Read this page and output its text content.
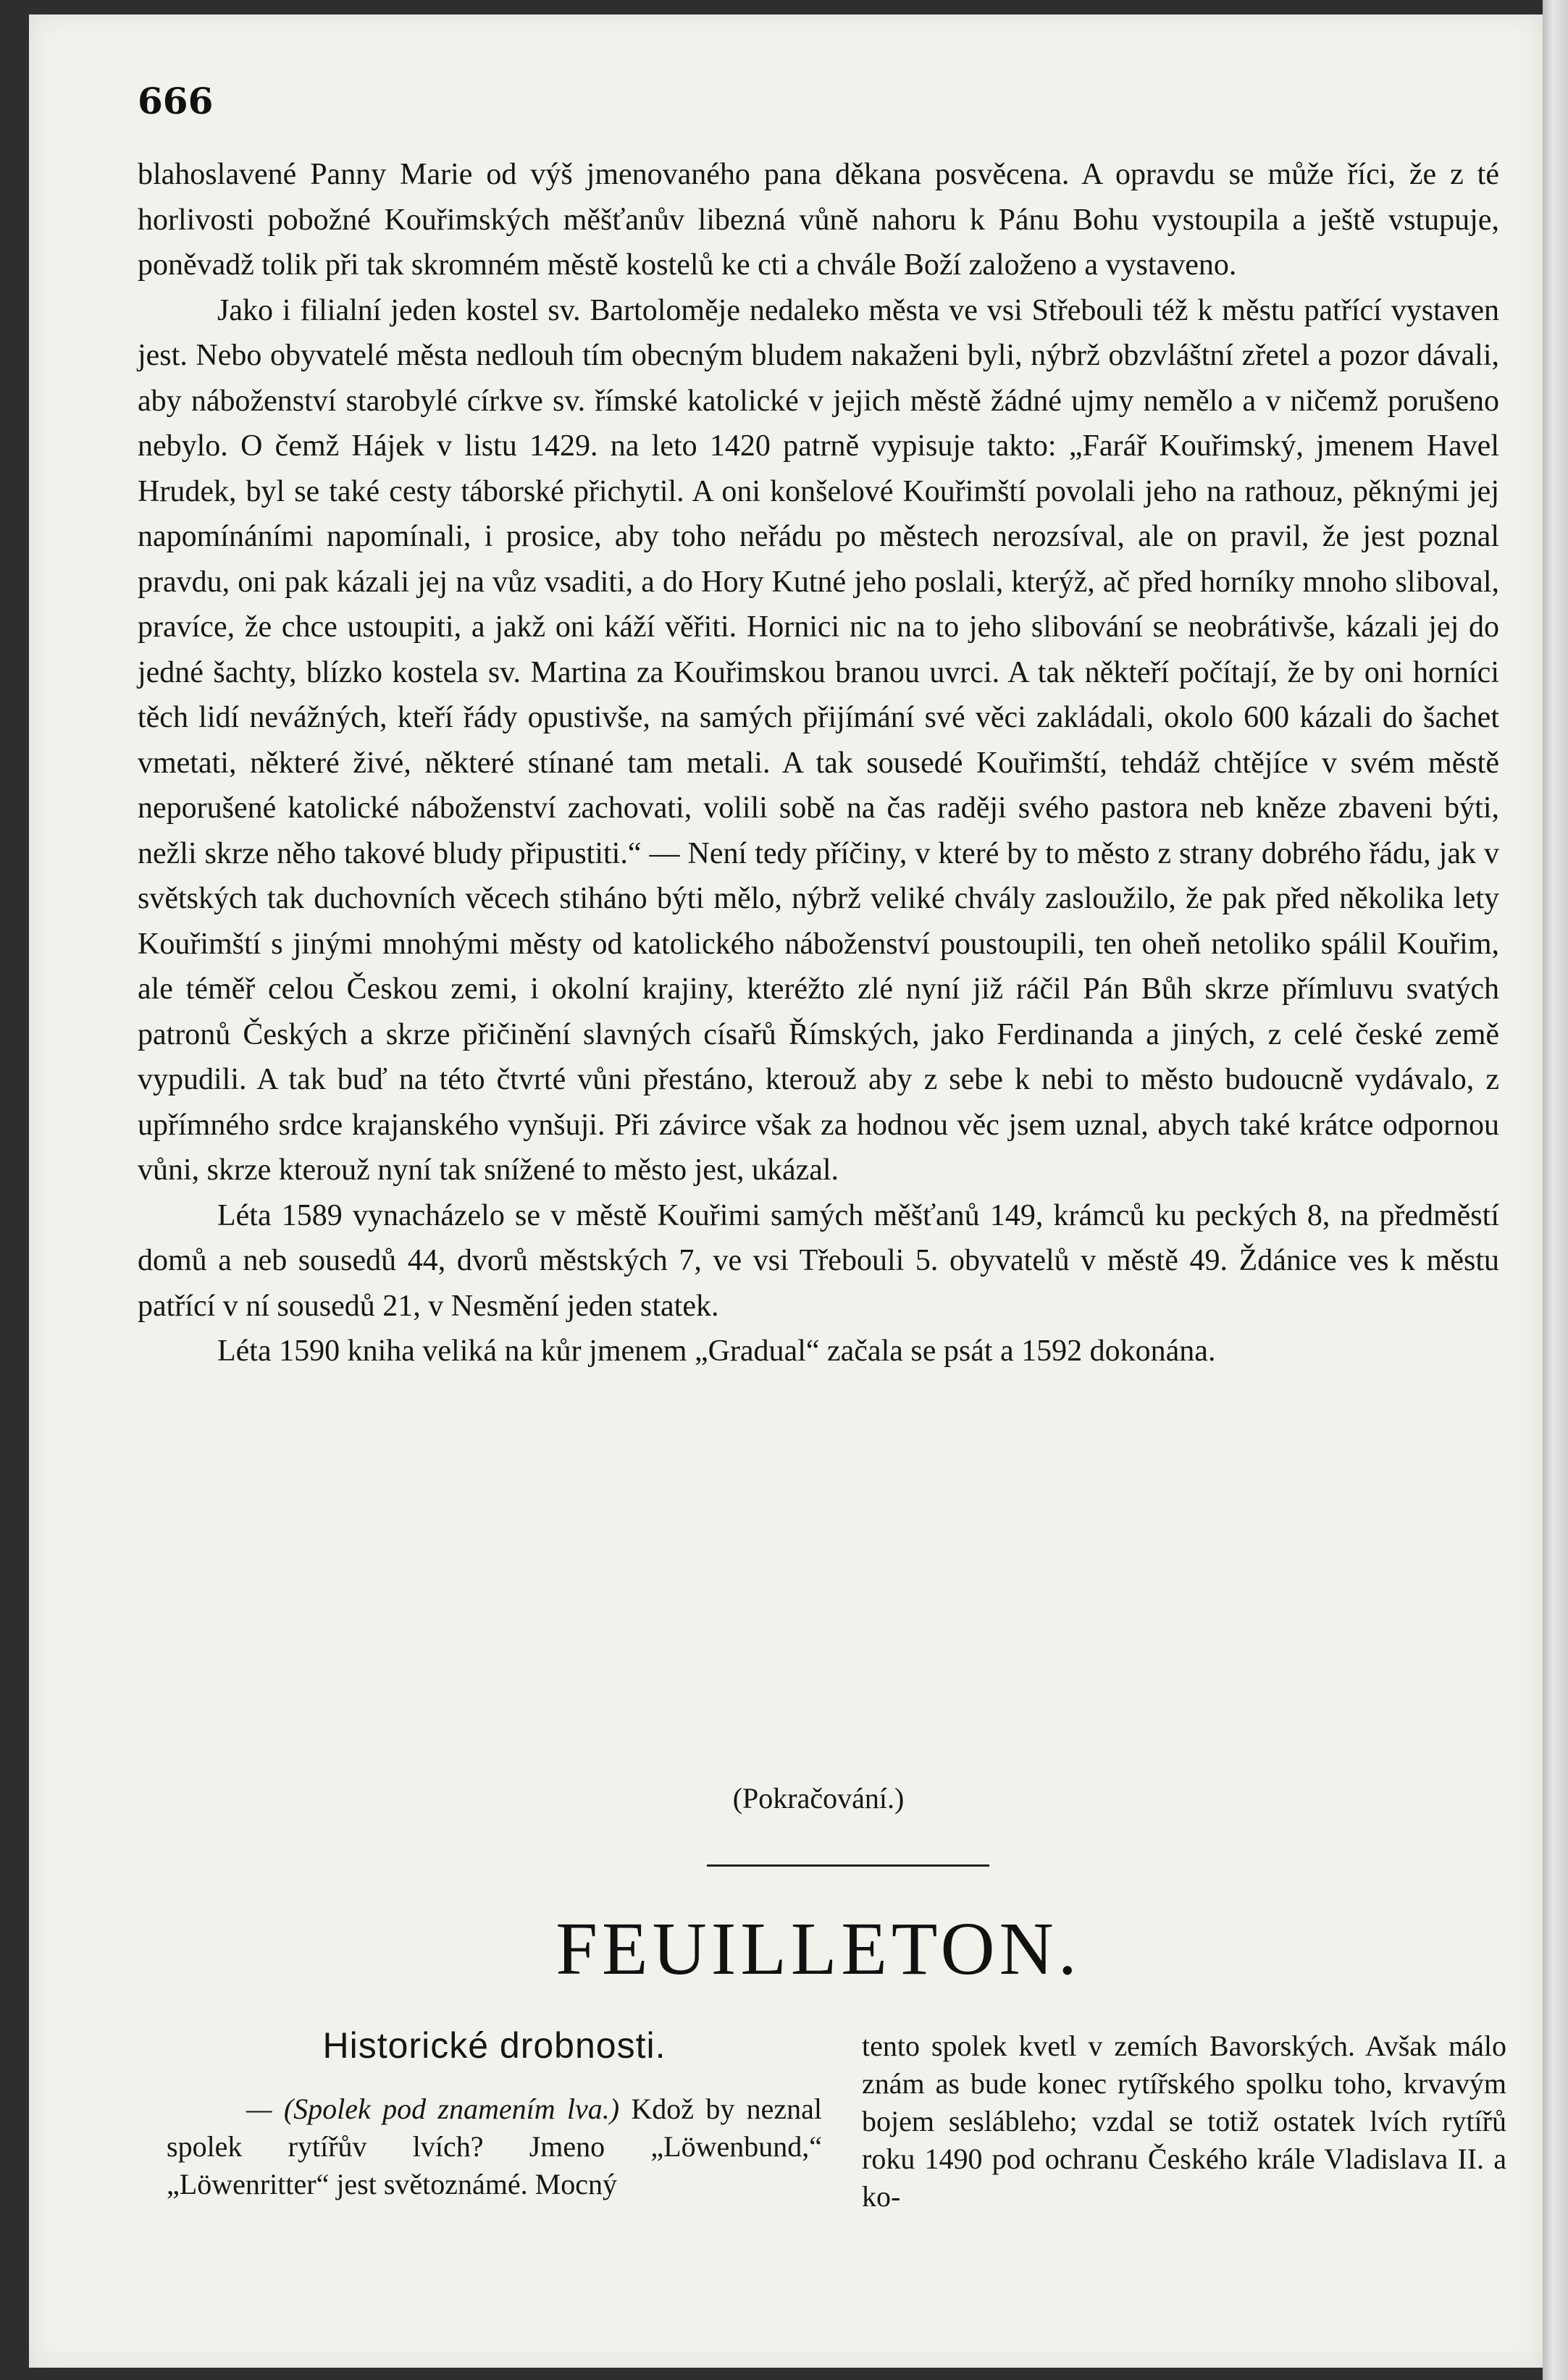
666

blahoslavené Panny Marie od výš jmenovaného pana děkana posvěcena. A opravdu se může říci, že z té horlivosti pobožné Kouřimských měšťanův libezná vůně nahoru k Pánu Bohu vystoupila a ještě vstupuje, poněvadž tolik při tak skromném městě kostelů ke cti a chvále Boží založeno a vystaveno.

Jako i filialní jeden kostel sv. Bartoloměje nedaleko města ve vsi Střebouli též k městu patřící vystaven jest. Nebo obyvatelé města nedlouh tím obecným bludem nakaženi byli, nýbrž obzvláštní zřetel a pozor dávali, aby náboženství starobylé církve sv. římské katolické v jejich městě žádné ujmy nemělo a v ničemž porušeno nebylo. O čemž Hájek v listu 1429. na leto 1420 patrně vypisuje takto: „Farář Kouřimský, jmenem Havel Hrudek, byl se také cesty táborské přichytil. A oni konšelové Kouřimští povolali jeho na rathouz, pěknými jej napomínáními napomínali, i prosice, aby toho neřádu po městech nerozsíval, ale on pravil, že jest poznal pravdu, oni pak kázali jej na vůz vsaditi, a do Hory Kutné jeho poslali, kterýž, ač před horníky mnoho sliboval, pravíce, že chce ustoupiti, a jakž oni káží věřiti. Hornici nic na to jeho slibování se neobrátivše, kázali jej do jedné šachty, blízko kostela sv. Martina za Kouřimskou branou uvrci. A tak někteří počítají, že by oni horníci těch lidí nevážných, kteří řády opustivše, na samých přijímání své věci zakládali, okolo 600 kázali do šachet vmetati, některé živé, některé stínané tam metali. A tak sousedé Kouřimští, tehdáž chtějíce v svém městě neporušené katolické náboženství zachovati, volili sobě na čas raději svého pastora neb kněze zbaveni býti, nežli skrze něho takové bludy připustiti.“ — Není tedy příčiny, v které by to město z strany dobrého řádu, jak v světských tak duchovních věcech stiháno býti mělo, nýbrž veliké chvály zasloužilo, že pak před několika lety Kouřimští s jinými mnohými městy od katolického náboženství poustoupili, ten oheň netoliko spálil Kouřim, ale téměř celou Českou zemi, i okolní krajiny, kteréžto zlé nyní již ráčil Pán Bůh skrze přímluvu svatých patronů Českých a skrze přičinění slavných císařů Římských, jako Ferdinanda a jiných, z celé české země vypudili. A tak buď na této čtvrté vůni přestáno, kterouž aby z sebe k nebi to město budoucně vydávalo, z upřímného srdce krajanského vynšuji. Při závirce však za hodnou věc jsem uznal, abych také krátce odpornou vůni, skrze kterouž nyní tak snížené to město jest, ukázal.

Léta 1589 vynacházelo se v městě Kouřimi samých měšťanů 149, krámců ku peckých 8, na předměstí domů a neb sousedů 44, dvorů městských 7, ve vsi Třebouli 5. obyvatelů v městě 49. Ždánice ves k městu patřící v ní sousedů 21, v Nesmění jeden statek.

Léta 1590 kniha veliká na kůr jmenem „Gradual“ začala se psát a 1592 dokonána.

(Pokračování.)
FEUILLETON.
Historické drobnosti.

— (Spolek pod znamením lva.) Kdož by neznal spolek rytířův lvích? Jmeno „Löwenbund,“ „Löwenritter“ jest světoznámé. Mocný

tento spolek kvetl v zemích Bavorských. Avšak málo znám as bude konec rytířského spolku toho, krvavým bojem seslábleho; vzdal se totiž ostatek lvích rytířů roku 1490 pod ochranu Českého krále Vladislava II. a ko-
